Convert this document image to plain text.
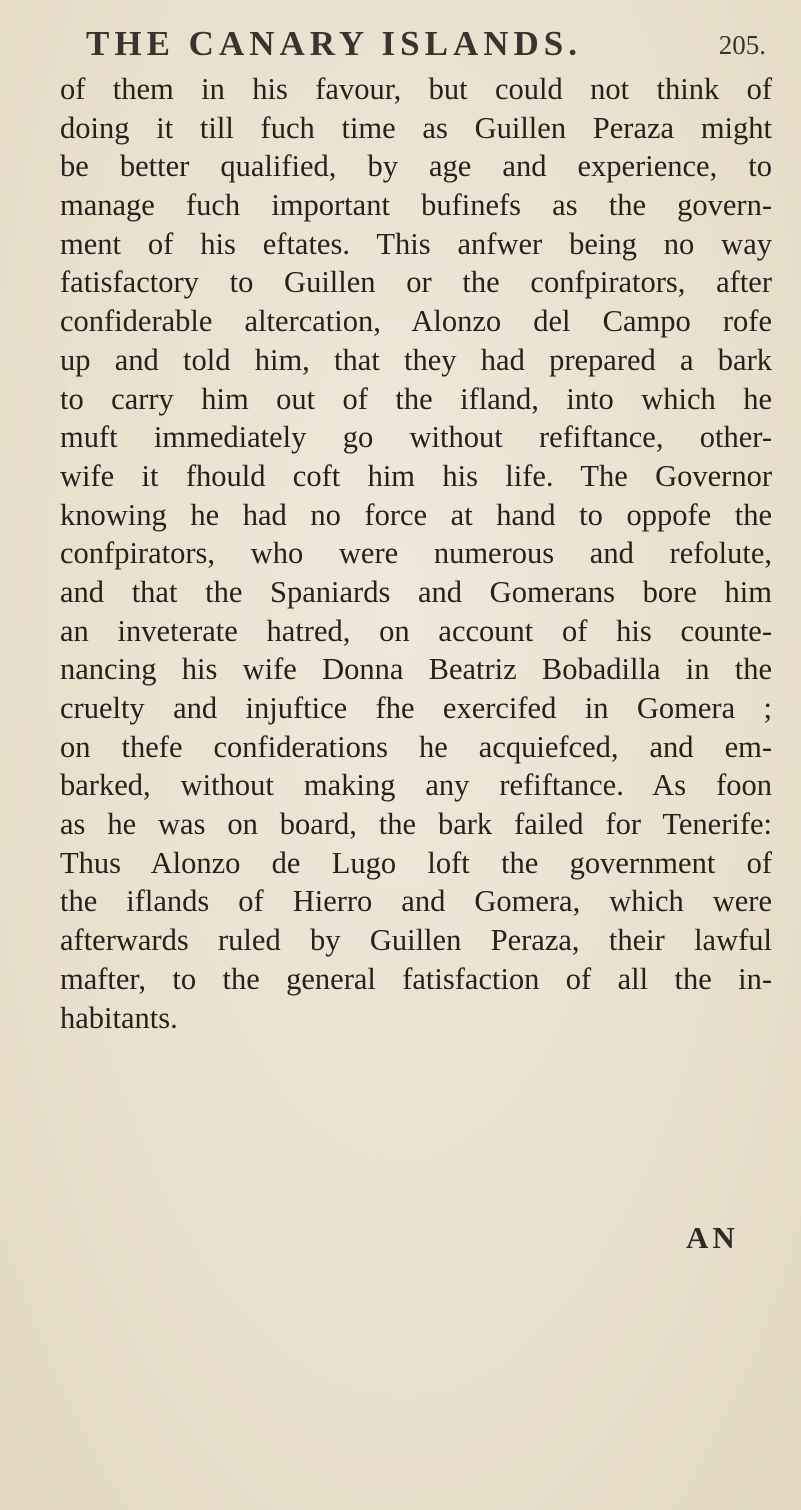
THE CANARY ISLANDS.	205.
of them in his favour, but could not think of
doing it till fuch time as Guillen Peraza might
be better qualified, by age and experience, to
manage fuch important bufinefs as the govern-
ment of his eftates. This anfwer being no way
fatisfactory to Guillen or the confpirators, after
confiderable altercation, Alonzo del Campo rofe
up and told him, that they had prepared a bark
to carry him out of the ifland, into which he
muft immediately go without refiftance, other-
wife it fhould coft him his life. The Governor
knowing he had no force at hand to oppofe the
confpirators, who were numerous and refolute,
and that the Spaniards and Gomerans bore him
an inveterate hatred, on account of his counte-
nancing his wife Donna Beatriz Bobadilla in the
cruelty and injuftice fhe exercifed in Gomera ;
on thefe confiderations he acquiefced, and em-
barked, without making any refiftance. As foon
as he was on board, the bark failed for Tenerife:
Thus Alonzo de Lugo loft the government of
the iflands of Hierro and Gomera, which were
afterwards ruled by Guillen Peraza, their lawful
mafter, to the general fatisfaction of all the in-
habitants.
AN
